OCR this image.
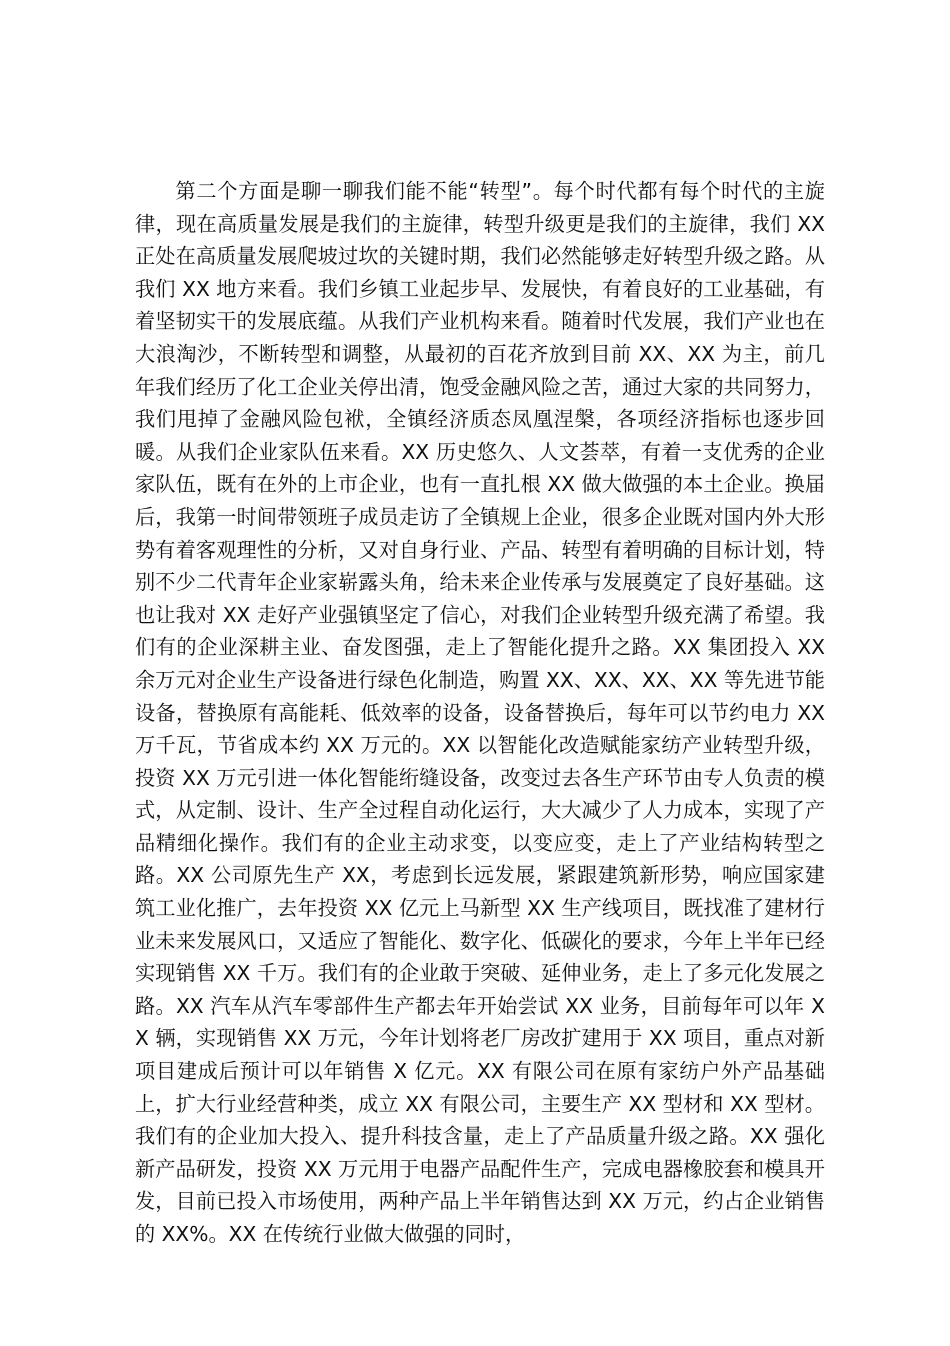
第二个方面是聊一聊我们能不能“转型”。每个时代都有每个时代的主旋律，现在高质量发展是我们的主旋律，转型升级更是我们的主旋律，我们 XX 正处在高质量发展爬坡过坎的关键时期，我们必然能够走好转型升级之路。从我们 XX 地方来看。我们乡镇工业起步早、发展快，有着良好的工业基础，有着坚韧实干的发展底蕴。从我们产业机构来看。随着时代发展，我们产业也在大浪淘沙，不断转型和调整，从最初的百花齐放到目前 XX、XX 为主，前几年我们经历了化工企业关停出清，饱受金融风险之苦，通过大家的共同努力，我们甩掉了金融风险包袱，全镇经济质态凤凰涅槃，各项经济指标也逐步回暖。从我们企业家队伍来看。XX 历史悠久、人文荟萃，有着一支优秀的企业家队伍，既有在外的上市企业，也有一直扎根 XX 做大做强的本土企业。换届后，我第一时间带领班子成员走访了全镇规上企业，很多企业既对国内外大形势有着客观理性的分析，又对自身行业、产品、转型有着明确的目标计划，特别不少二代青年企业家崭露头角，给未来企业传承与发展奠定了良好基础。这也让我对 XX 走好产业强镇坚定了信心，对我们企业转型升级充满了希望。我们有的企业深耕主业、奋发图强，走上了智能化提升之路。XX 集团投入 XX 余万元对企业生产设备进行绿色化制造，购置 XX、XX、XX、XX 等先进节能设备，替换原有高能耗、低效率的设备，设备替换后，每年可以节约电力 XX 万千瓦，节省成本约 XX 万元的。XX 以智能化改造赋能家纺产业转型升级，投资 XX 万元引进一体化智能绗缝设备，改变过去各生产环节由专人负责的模式，从定制、设计、生产全过程自动化运行，大大减少了人力成本，实现了产品精细化操作。我们有的企业主动求变，以变应变，走上了产业结构转型之路。XX 公司原先生产 XX，考虑到长远发展，紧跟建筑新形势，响应国家建筑工业化推广，去年投资 XX 亿元上马新型 XX 生产线项目，既找准了建材行业未来发展风口，又适应了智能化、数字化、低碳化的要求，今年上半年已经实现销售 XX 千万。我们有的企业敢于突破、延伸业务，走上了多元化发展之路。XX 汽车从汽车零部件生产都去年开始尝试 XX 业务，目前每年可以年 XX 辆，实现销售 XX 万元，今年计划将老厂房改扩建用于 XX 项目，重点对新项目建成后预计可以年销售 X 亿元。XX 有限公司在原有家纺户外产品基础上，扩大行业经营种类，成立 XX 有限公司，主要生产 XX 型材和 XX 型材。我们有的企业加大投入、提升科技含量，走上了产品质量升级之路。XX 强化新产品研发，投资 XX 万元用于电器产品配件生产，完成电器橡胶套和模具开发，目前已投入市场使用，两种产品上半年销售达到 XX 万元，约占企业销售的 XX%。XX 在传统行业做大做强的同时，
